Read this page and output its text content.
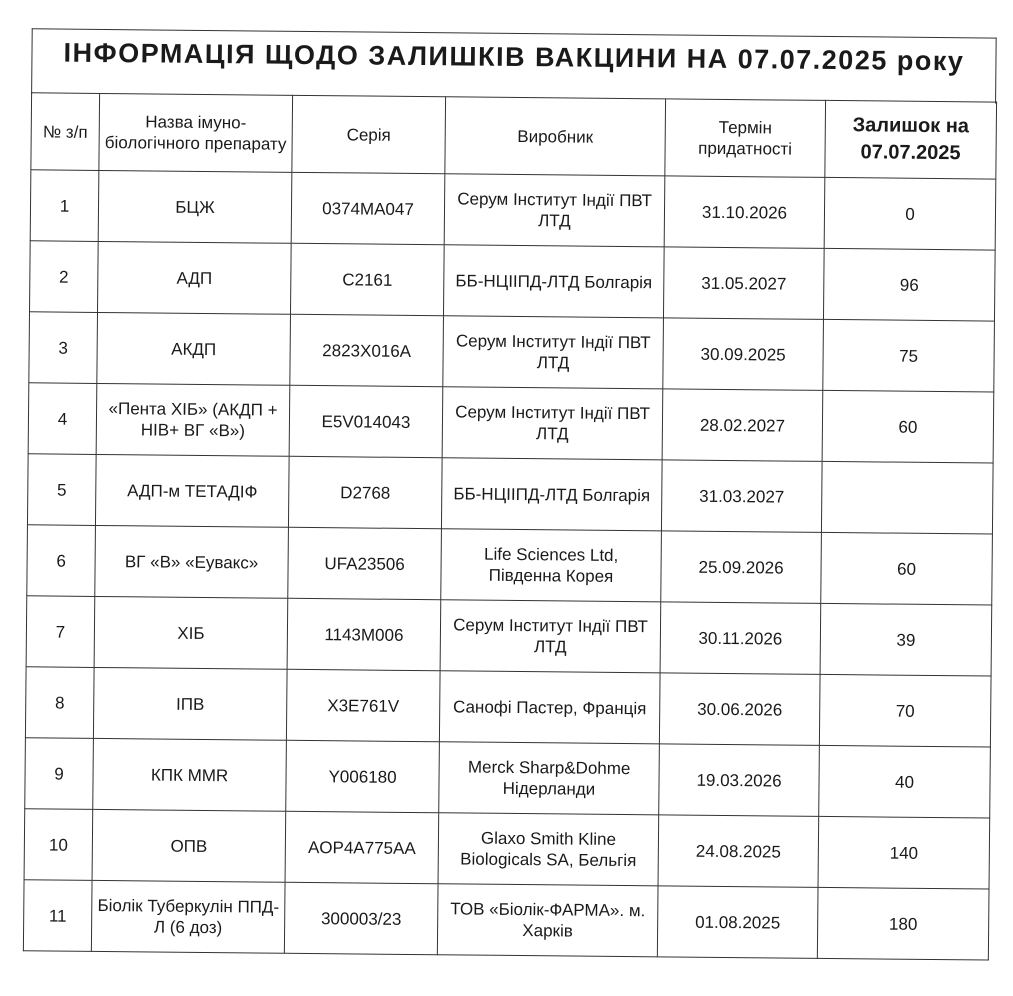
ІНФОРМАЦІЯ ЩОДО ЗАЛИШКІВ ВАКЦИНИ НА 07.07.2025 року
№ з/п	Назва імуно-біологічного препарату	Серія	Виробник	Термін придатності	Залишок на 07.07.2025
1	БЦЖ	0374MA047	Серум Інститут Індії ПВТ ЛТД	31.10.2026	0
2	АДП	С2161	ББ-НЦІІПД-ЛТД Болгарія	31.05.2027	96
3	АКДП	2823X016A	Серум Інститут Індії ПВТ ЛТД	30.09.2025	75
4	«Пента ХІБ» (АКДП + НІВ+ ВГ «В»)	E5V014043	Серум Інститут Індії ПВТ ЛТД	28.02.2027	60
5	АДП-м ТЕТАДІФ	D2768	ББ-НЦІІПД-ЛТД Болгарія	31.03.2027	
6	ВГ «В» «Еувакс»	UFA23506	Life Sciences Ltd, Південна Корея	25.09.2026	60
7	ХІБ	1143M006	Серум Інститут Індії ПВТ ЛТД	30.11.2026	39
8	ІПВ	X3E761V	Санофі Пастер, Франція	30.06.2026	70
9	КПК MMR	Y006180	Merck Sharp&Dohme Нідерланди	19.03.2026	40
10	ОПВ	AOP4A775AA	Glaxo Smith Kline Biologicals SA, Бельгія	24.08.2025	140
11	Біолік Туберкулін ППД-Л (6 доз)	300003/23	ТОВ «Біолік-ФАРМА». м. Харків	01.08.2025	180
